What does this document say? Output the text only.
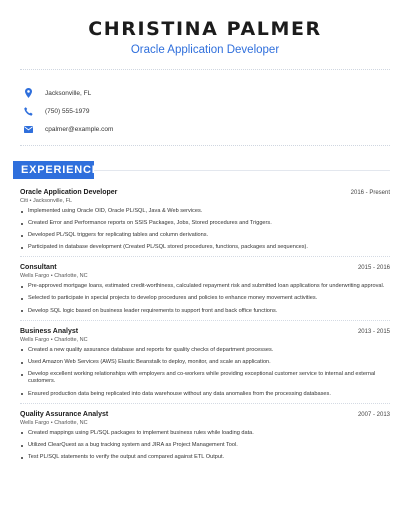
CHRISTINA PALMER
Oracle Application Developer
Jacksonville, FL
(750) 555-1979
cpalmer@example.com
EXPERIENCE
Oracle Application Developer	2016 - Present
Citi • Jacksonville, FL
Implemented using Oracle OID, Oracle PL/SQL, Java & Web services.
Created Error and Performance reports on SSIS Packages, Jobs, Stored procedures and Triggers.
Developed PL/SQL triggers for replicating tables and column derivations.
Participated in database development (Created PL/SQL stored procedures, functions, packages and sequences).
Consultant	2015 - 2016
Wells Fargo • Charlotte, NC
Pre-approved mortgage loans, estimated credit-worthiness, calculated repayment risk and submitted loan applications for underwriting approval.
Selected to participate in special projects to develop procedures and policies to enhance money movement activities.
Develop SQL logic based on business leader requirements to support front and back office functions.
Business Analyst	2013 - 2015
Wells Fargo • Charlotte, NC
Created a new quality assurance database and reports for quality checks of department processes.
Used Amazon Web Services (AWS) Elastic Beanstalk to deploy, monitor, and scale an application.
Develop excellent working relationships with employers and co-workers while providing exceptional customer service to internal and external customers.
Ensured production data being replicated into data warehouse without any data anomalies from the processing databases.
Quality Assurance Analyst	2007 - 2013
Wells Fargo • Charlotte, NC
Created mappings using PL/SQL packages to implement business rules while loading data.
Utilized ClearQuest as a bug tracking system and JIRA as Project Management Tool.
Test PL/SQL statements to verify the output and compared against ETL Output.
